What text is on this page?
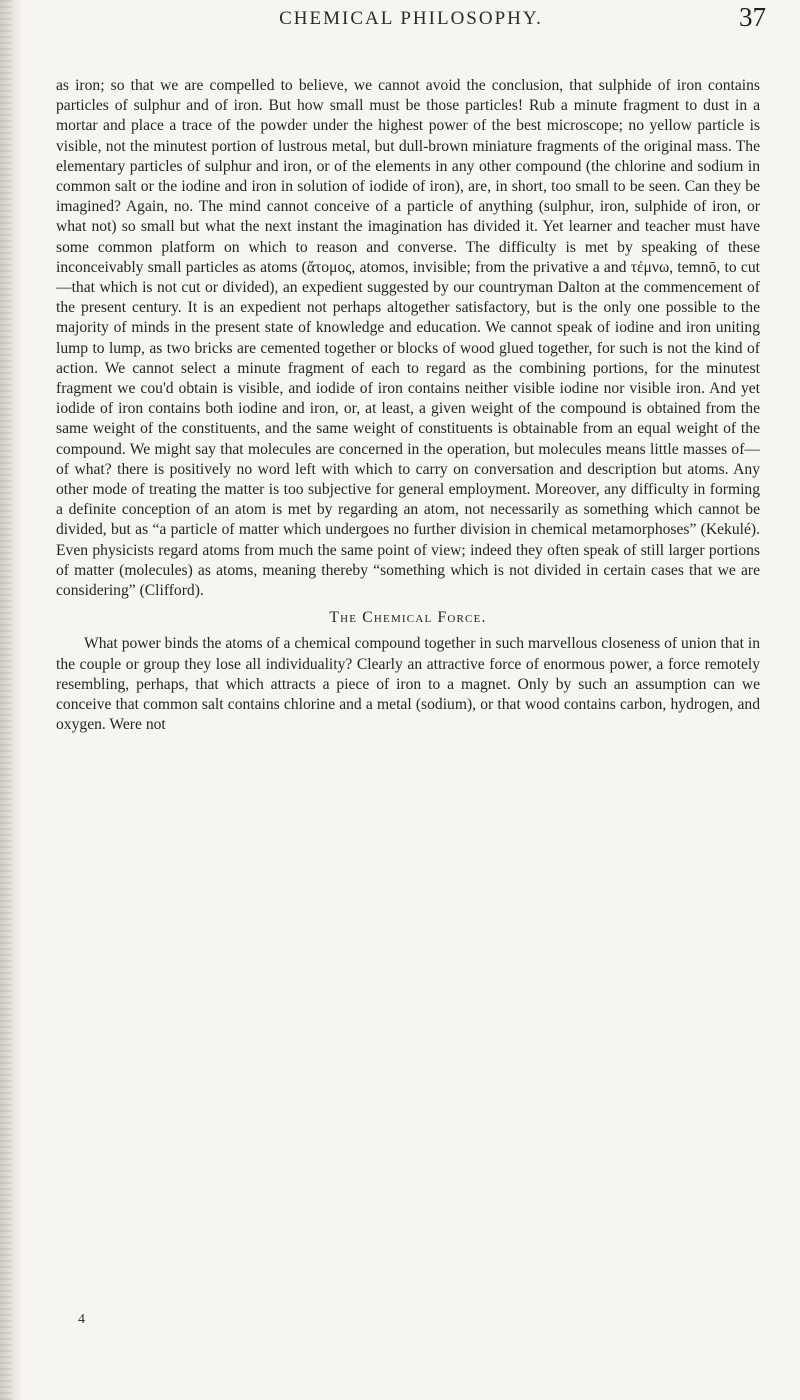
CHEMICAL PHILOSOPHY.	37

as iron; so that we are compelled to believe, we cannot avoid the conclusion, that sulphide of iron contains particles of sulphur and of iron. But how small must be those particles! Rub a minute fragment to dust in a mortar and place a trace of the powder under the highest power of the best microscope; no yellow particle is visible, not the minutest portion of lustrous metal, but dull-brown miniature fragments of the original mass. The elementary particles of sulphur and iron, or of the elements in any other compound (the chlorine and sodium in common salt or the iodine and iron in solution of iodide of iron), are, in short, too small to be seen. Can they be imagined? Again, no. The mind cannot conceive of a particle of anything (sulphur, iron, sulphide of iron, or what not) so small but what the next instant the imagination has divided it. Yet learner and teacher must have some common platform on which to reason and converse. The difficulty is met by speaking of these inconceivably small particles as atoms (ἄτομος, atomos, invisible; from the privative a and τέμνω, temnō, to cut—that which is not cut or divided), an expedient suggested by our countryman Dalton at the commencement of the present century. It is an expedient not perhaps altogether satisfactory, but is the only one possible to the majority of minds in the present state of knowledge and education. We cannot speak of iodine and iron uniting lump to lump, as two bricks are cemented together or blocks of wood glued together, for such is not the kind of action. We cannot select a minute fragment of each to regard as the combining portions, for the minutest fragment we cou'd obtain is visible, and iodide of iron contains neither visible iodine nor visible iron. And yet iodide of iron contains both iodine and iron, or, at least, a given weight of the compound is obtained from the same weight of the constituents, and the same weight of constituents is obtainable from an equal weight of the compound. We might say that molecules are concerned in the operation, but molecules means little masses of—of what? there is positively no word left with which to carry on conversation and description but atoms. Any other mode of treating the matter is too subjective for general employment. Moreover, any difficulty in forming a definite conception of an atom is met by regarding an atom, not necessarily as something which cannot be divided, but as “a particle of matter which undergoes no further division in chemical metamorphoses” (Kekulé). Even physicists regard atoms from much the same point of view; indeed they often speak of still larger portions of matter (molecules) as atoms, meaning thereby “something which is not divided in certain cases that we are considering” (Clifford).

The Chemical Force.

What power binds the atoms of a chemical compound together in such marvellous closeness of union that in the couple or group they lose all individuality? Clearly an attractive force of enormous power, a force remotely resembling, perhaps, that which attracts a piece of iron to a magnet. Only by such an assumption can we conceive that common salt contains chlorine and a metal (sodium), or that wood contains carbon, hydrogen, and oxygen. Were not

4
